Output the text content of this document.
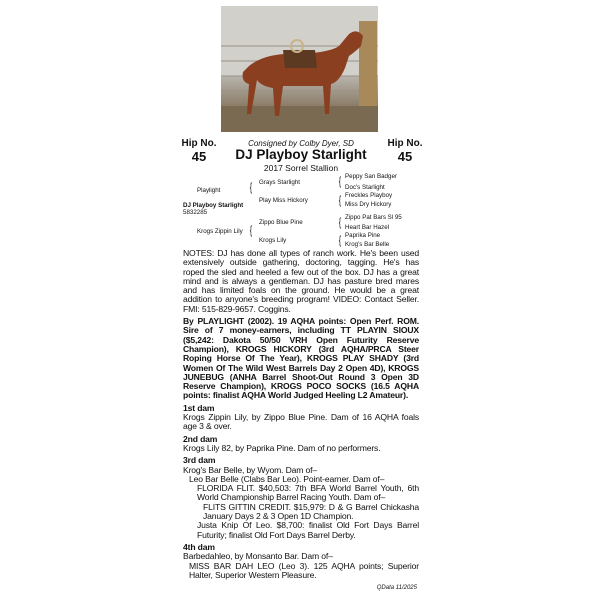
Hip No.
45
Consigned by Colby Dyer, SD	Hip No.
45
DJ Playboy Starlight
2017 Sorrel Stallion
Peppy San Badger
Grays Starlight
Doc's Starlight
Playlight
Freckles Playboy
Play Miss Hickory
Miss Dry Hickory
DJ Playboy Starlight
5832285
Zippo Pat Bars Sl 95
Zippo Blue Pine
Heart Bar Hazel
Krogs Zippin Lily
Paprika Pine
Krogs Lily
Krog's Bar Belle
{
{
{
{
{
{

NOTES: DJ has done all types of ranch work. He's been used extensively outside gathering, doctoring, tagging. He's has roped the sled and heeled a few out of the box. DJ has a great mind and is always a gentleman. DJ has pasture bred mares and has limited foals on the ground. He would be a great addition to anyone's breeding program! VIDEO: Contact Seller. FMI: 515-829-9657. Coggins.

By PLAYLIGHT (2002). 19 AQHA points: Open Perf. ROM. Sire of 7 money-earners, including TT PLAYIN SIOUX ($5,242: Dakota 50/50 VRH Open Futurity Reserve Champion), KROGS HICKORY (3rd AQHA/PRCA Steer Roping Horse Of The Year), KROGS PLAY SHADY (3rd Women Of The Wild West Barrels Day 2 Open 4D), KROGS JUNEBUG (ANHA Barrel Shoot-Out Round 3 Open 3D Reserve Champion), KROGS POCO SOCKS (16.5 AQHA points: finalist AQHA World Judged Heeling L2 Amateur).

1st dam

Krogs Zippin Lily, by Zippo Blue Pine. Dam of 16 AQHA foals age 3 & over.

2nd dam

Krogs Lily 82, by Paprika Pine. Dam of no performers.

3rd dam

Krog's Bar Belle, by Wyom. Dam of–

Leo Bar Belle (Clabs Bar Leo). Point-earner. Dam of–

FLORIDA FLIT. $40,503: 7th BFA World Barrel Youth, 6th World Championship Barrel Racing Youth. Dam of–

FLITS GITTIN CREDIT. $15,979: D & G Barrel Chickasha January Days 2 & 3 Open 1D Champion.

Justa Knip Of Leo. $8,700: finalist Old Fort Days Barrel Futurity; finalist Old Fort Days Barrel Derby.

4th dam

Barbedahleo, by Monsanto Bar. Dam of–

MISS BAR DAH LEO (Leo 3). 125 AQHA points; Superior Halter, Superior Western Pleasure.

QData 11/2025
